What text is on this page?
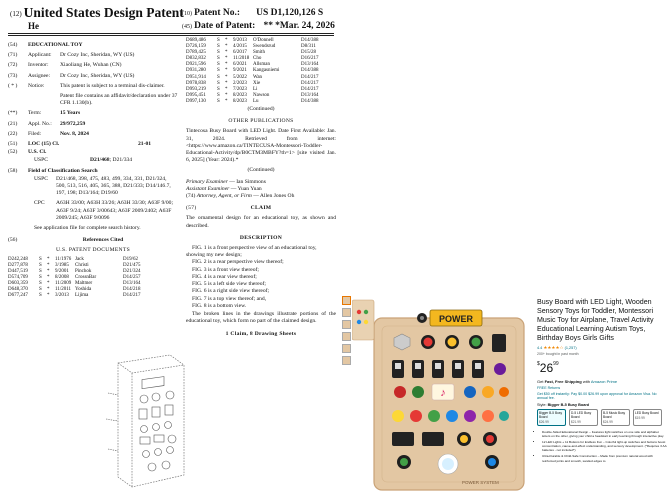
(12) United States Design Patent
He
(10) Patent No.: US D1,120,126 S
(45) Date of Patent: ** *Mar. 24, 2026
(54) EDUCATIONAL TOY
(71) Applicant: Dr Cozy Inc, Sheridan, WY (US)
(72) Inventor: Xiaoliang He, Wuhan (CN)
(73) Assignee: Dr Cozy Inc, Sheridan, WY (US)
( * ) Notice:	This patent is subject to a terminal dis-claimer.
Patent file contains an affidavit/declaration under 37 CFR 1.130(b).
(**) Term:	15 Years
(21) Appl. No.: 29/972,259
(22) Filed:	Nov. 8, 2024
(51) LOC (15) Cl.	21-01
(52) U.S. Cl.
USPC	D21/468; D21/334
(58) Field of Classification Search
USPC D21/468, 398, 475, 483, 499, 334, 331, D21/324, 500, 513, 516, 405, 365, 388, D21/333; D14/146.7, 197, 198; D13/164; D19/60
CPC A63H 33/00; A63H 33/26; A63H 33/30; A63F 9/00; A63F 9/24; A63F 3/00643; A63F 2009/2402; A63F 2009/245; A63F 9/0096
See application file for complete search history.
(56)	References Cited
U.S. PATENT DOCUMENTS
D242,248	S	*	11/1976 Jack	D19/62
D277,878	S	*	3/1985	Christi	D21/475
D447,519	S	*	9/2001	Pinchok	D21/324
D574,709	S	*	8/2008	CrossnBar	D14/257
D603,359	S	*	11/2009 Maltmer	D13/164
D648,370	S	*	11/2011 Yoshida	D14/218
D677,247	S	*	3/2013	Lijima	D14/217
D689,486	S	*	9/2013	O'Donnell	D14/388
D726,159	S	*	4/2015	Swendsrud	D8/311
D789,425	S	*	6/2017	Smith	D15/28
D832,832	S	*	11/2018 Cho	D16/217
D921,596	S	*	6/2021	Allsman	D13/164
D931,280	S	*	9/2021	Kangasniemi	D14/388
D951,914	S	*	5/2022	Wan	D14/217
D978,838	S	*	2/2023	Xie	D14/217
D993,219	S	*	7/2023	Li	D14/217
D995,451	S	*	8/2023	Nawson	D13/164
D997,130	S	*	8/2023	Lu	D14/388
(Continued)
OTHER PUBLICATIONS
Tintecosa Busy Board with LED Light. Date First Available: Jan. 31, 2024. Retrieved from internet: <https://www.amazon.ca/TINTECUSA-Montessori-Toddler-Educational-Activity/dp/B0CTM3MBFY?th=1> [site visited Jan. 6, 2025] (Year: 2024).*
(Continued)
Primary Examiner — Ian Simmons
Assistant Examiner — Yuan Yuan
(74) Attorney, Agent, or Firm — Allen Jones Oh
(57)	CLAIM
The ornamental design for an educational toy, as shown and described.
DESCRIPTION
FIG. 1 is a front perspective view of an educational toy, showing my new design;
FIG. 2 is a rear perspective view thereof;
FIG. 3 is a front view thereof;
FIG. 4 is a rear view thereof;
FIG. 5 is a left side view thereof;
FIG. 6 is a right side view thereof;
FIG. 7 is a top view thereof; and,
FIG. 8 is a bottom view.
The broken lines in the drawings illustrate portions of the educational toy, which form no part of the claimed design.
1 Claim, 8 Drawing Sheets
POWER
♪
POWER SYSTEM
Busy Board with LED Light, Wooden Sensory Toys for Toddler, Montessori Music Toy for Airplane, Travel Activity Educational Learning Autism Toys, Birthday Boys Girls Gifts
4.4 ★★★★☆ (1,257)
200+ bought in past month
$^{\$}26^{99}$
Get Fast, Free Shipping with Amazon Prime
FREE Returns
Get $50 off instantly: Pay $0.00 $26.99 upon approval for Amazon Visa. No annual fee.
Style: Bigger B-5 Busy Board
Bigger B-5 Busy Board
$26.99
D-5 LED Busy Board
$21.99
B-5 Music Busy Board
$24.99
LED Busy Board
$19.99
• Double-Sided Educational Design – Features light switches on one side and alphabet letters on the other, giving your child a headstart in early learning through interactive play.
• 12 LED Lights + 11 Buttons for Endless Fun – Colorful light-up switches and buttons boost concentration, cause-and-effect understanding, and sensory development. (*Requires 3 AA batteries - not included*)
• Ultra-Durable & Child-Safe Construction – Made from premium natural wood with reinforced joints and smooth, sanded edges to
